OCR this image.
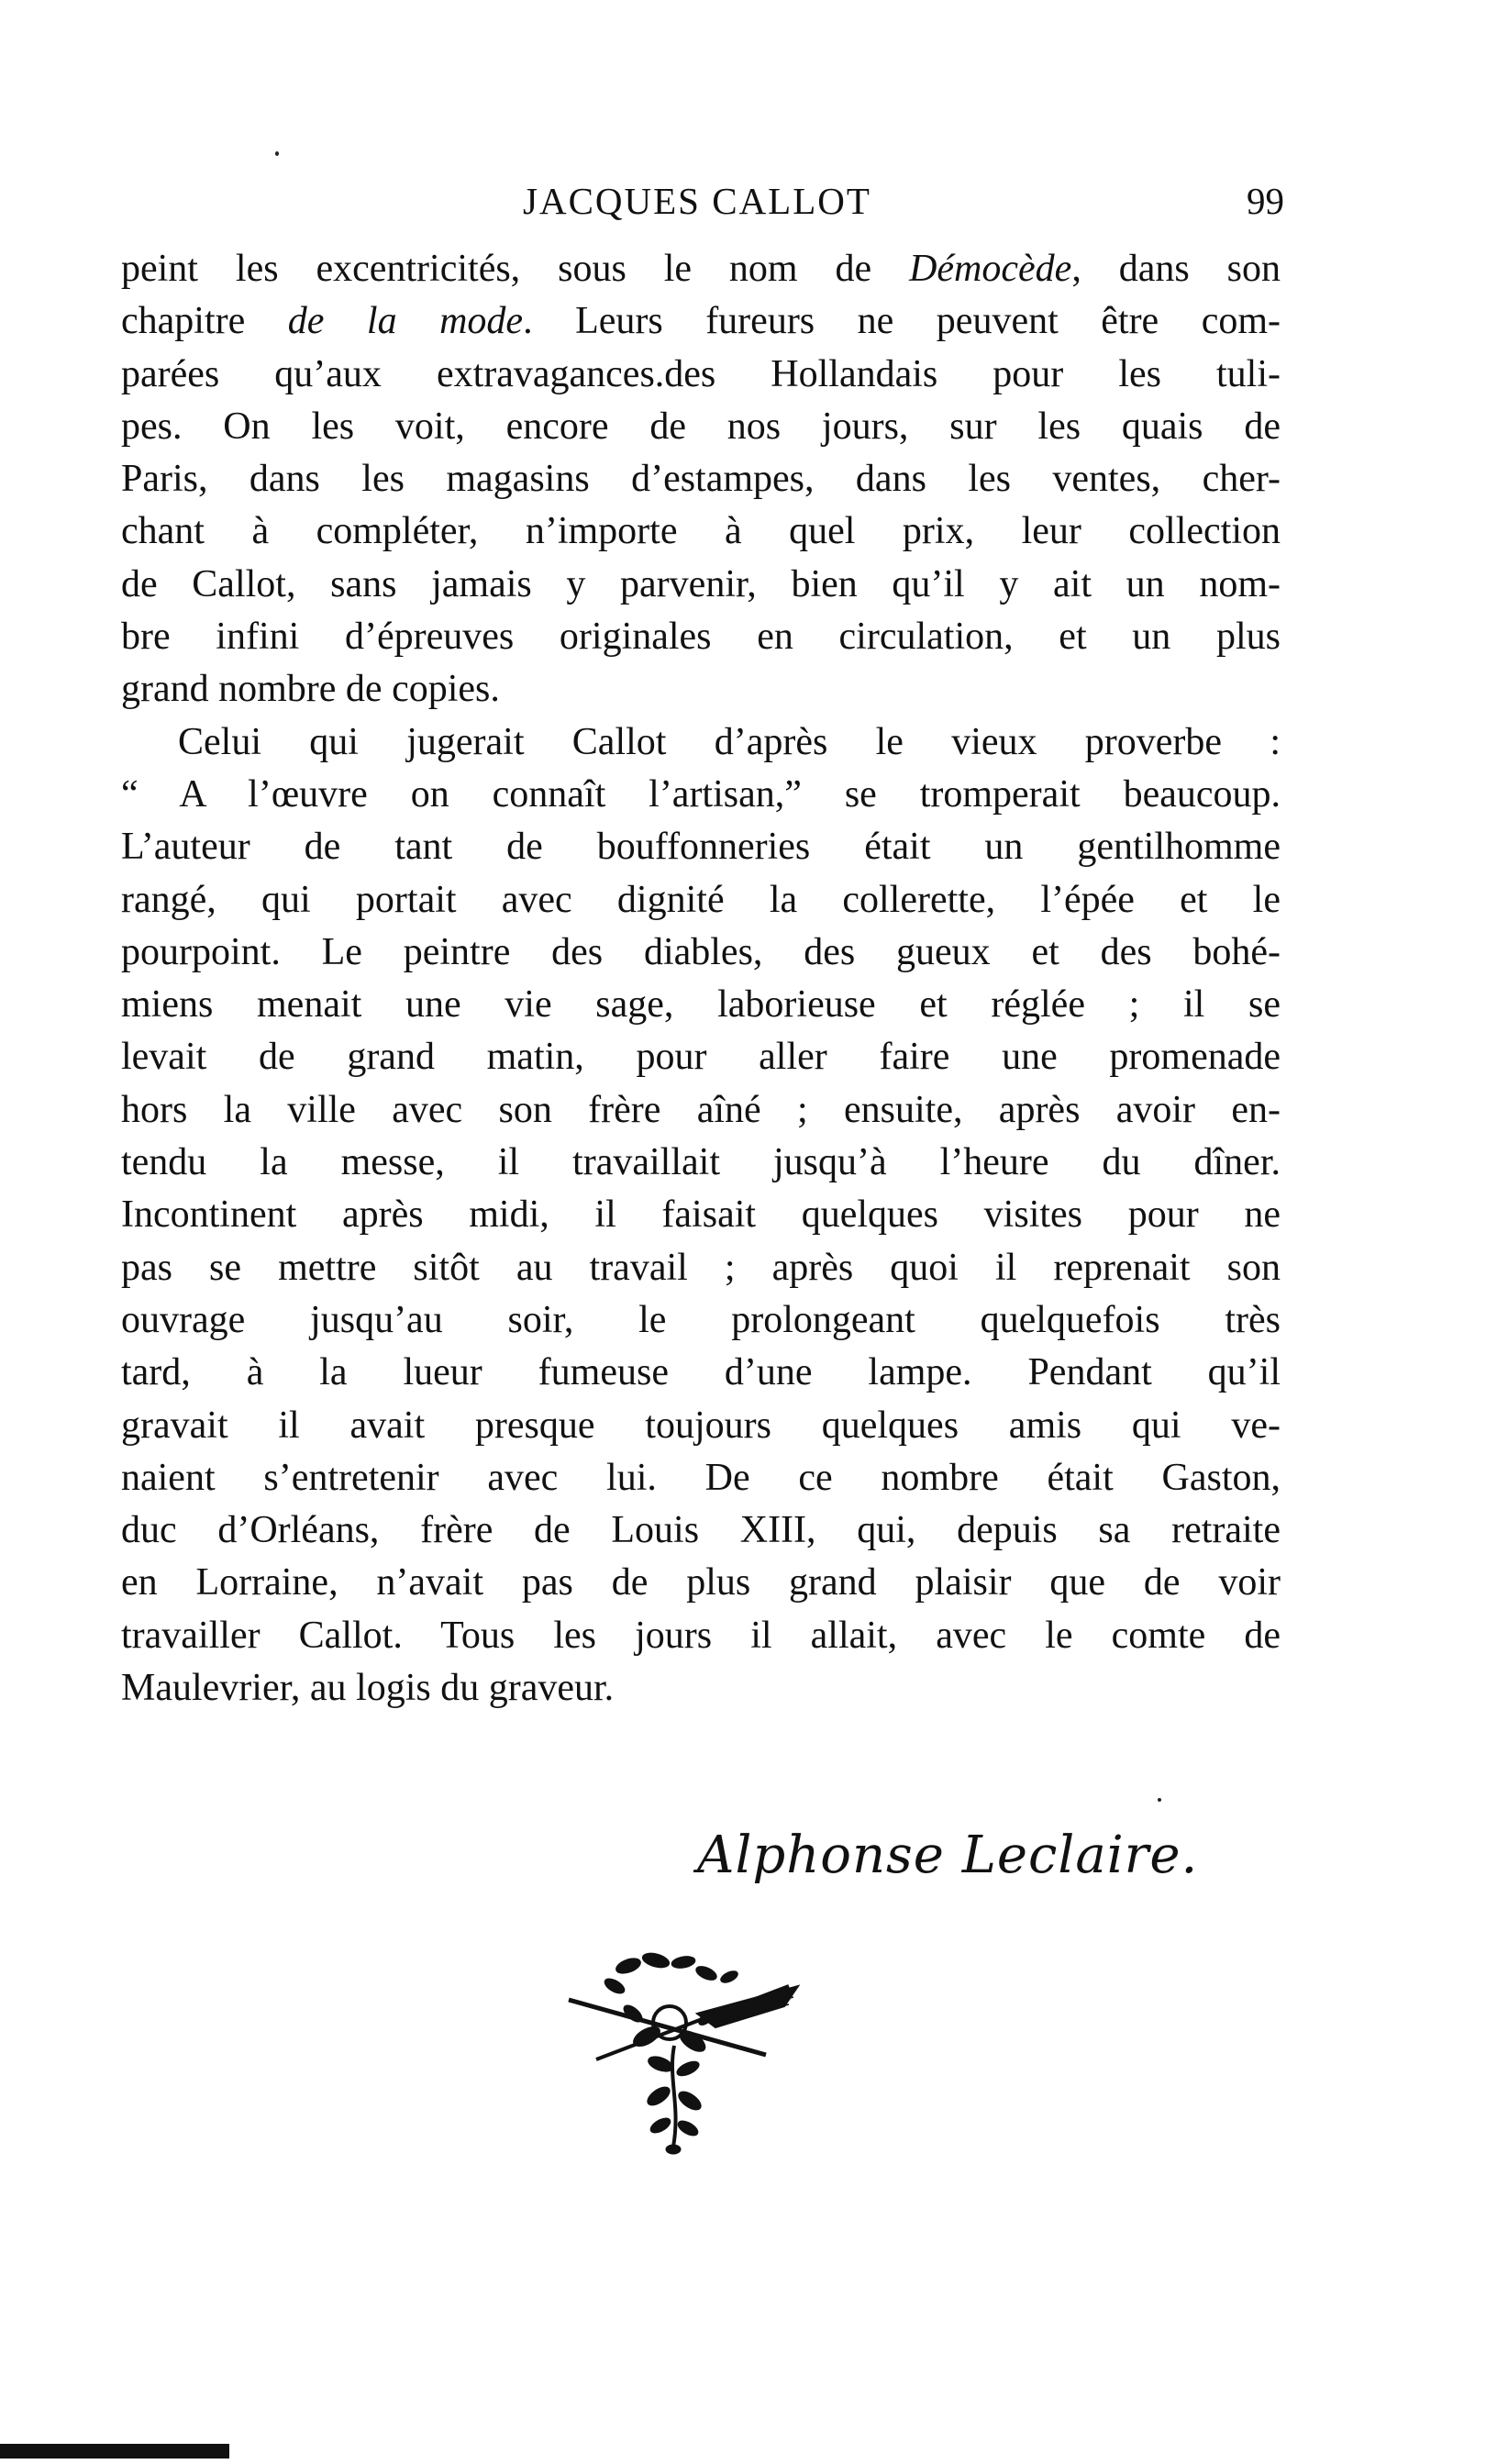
JACQUES CALLOT	99
peint les excentricités, sous le nom de Démocède, dans son
chapitre de la mode. Leurs fureurs ne peuvent être com-
parées qu’aux extravagances.des Hollandais pour les tuli-
pes. On les voit, encore de nos jours, sur les quais de
Paris, dans les magasins d’estampes, dans les ventes, cher-
chant à compléter, n’importe à quel prix, leur collection
de Callot, sans jamais y parvenir, bien qu’il y ait un nom-
bre infini d’épreuves originales en circulation, et un plus
grand nombre de copies.
Celui qui jugerait Callot d’après le vieux proverbe :
“ A l’œuvre on connaît l’artisan,” se tromperait beaucoup.
L’auteur de tant de bouffonneries était un gentilhomme
rangé, qui portait avec dignité la collerette, l’épée et le
pourpoint. Le peintre des diables, des gueux et des bohé-
miens menait une vie sage, laborieuse et réglée ; il se
levait de grand matin, pour aller faire une promenade
hors la ville avec son frère aîné ; ensuite, après avoir en-
tendu la messe, il travaillait jusqu’à l’heure du dîner.
Incontinent après midi, il faisait quelques visites pour ne
pas se mettre sitôt au travail ; après quoi il reprenait son
ouvrage jusqu’au soir, le prolongeant quelquefois très
tard, à la lueur fumeuse d’une lampe. Pendant qu’il
gravait il avait presque toujours quelques amis qui ve-
naient s’entretenir avec lui. De ce nombre était Gaston,
duc d’Orléans, frère de Louis XIII, qui, depuis sa retraite
en Lorraine, n’avait pas de plus grand plaisir que de voir
travailler Callot. Tous les jours il allait, avec le comte de
Maulevrier, au logis du graveur.
Alphonse Leclaire.
